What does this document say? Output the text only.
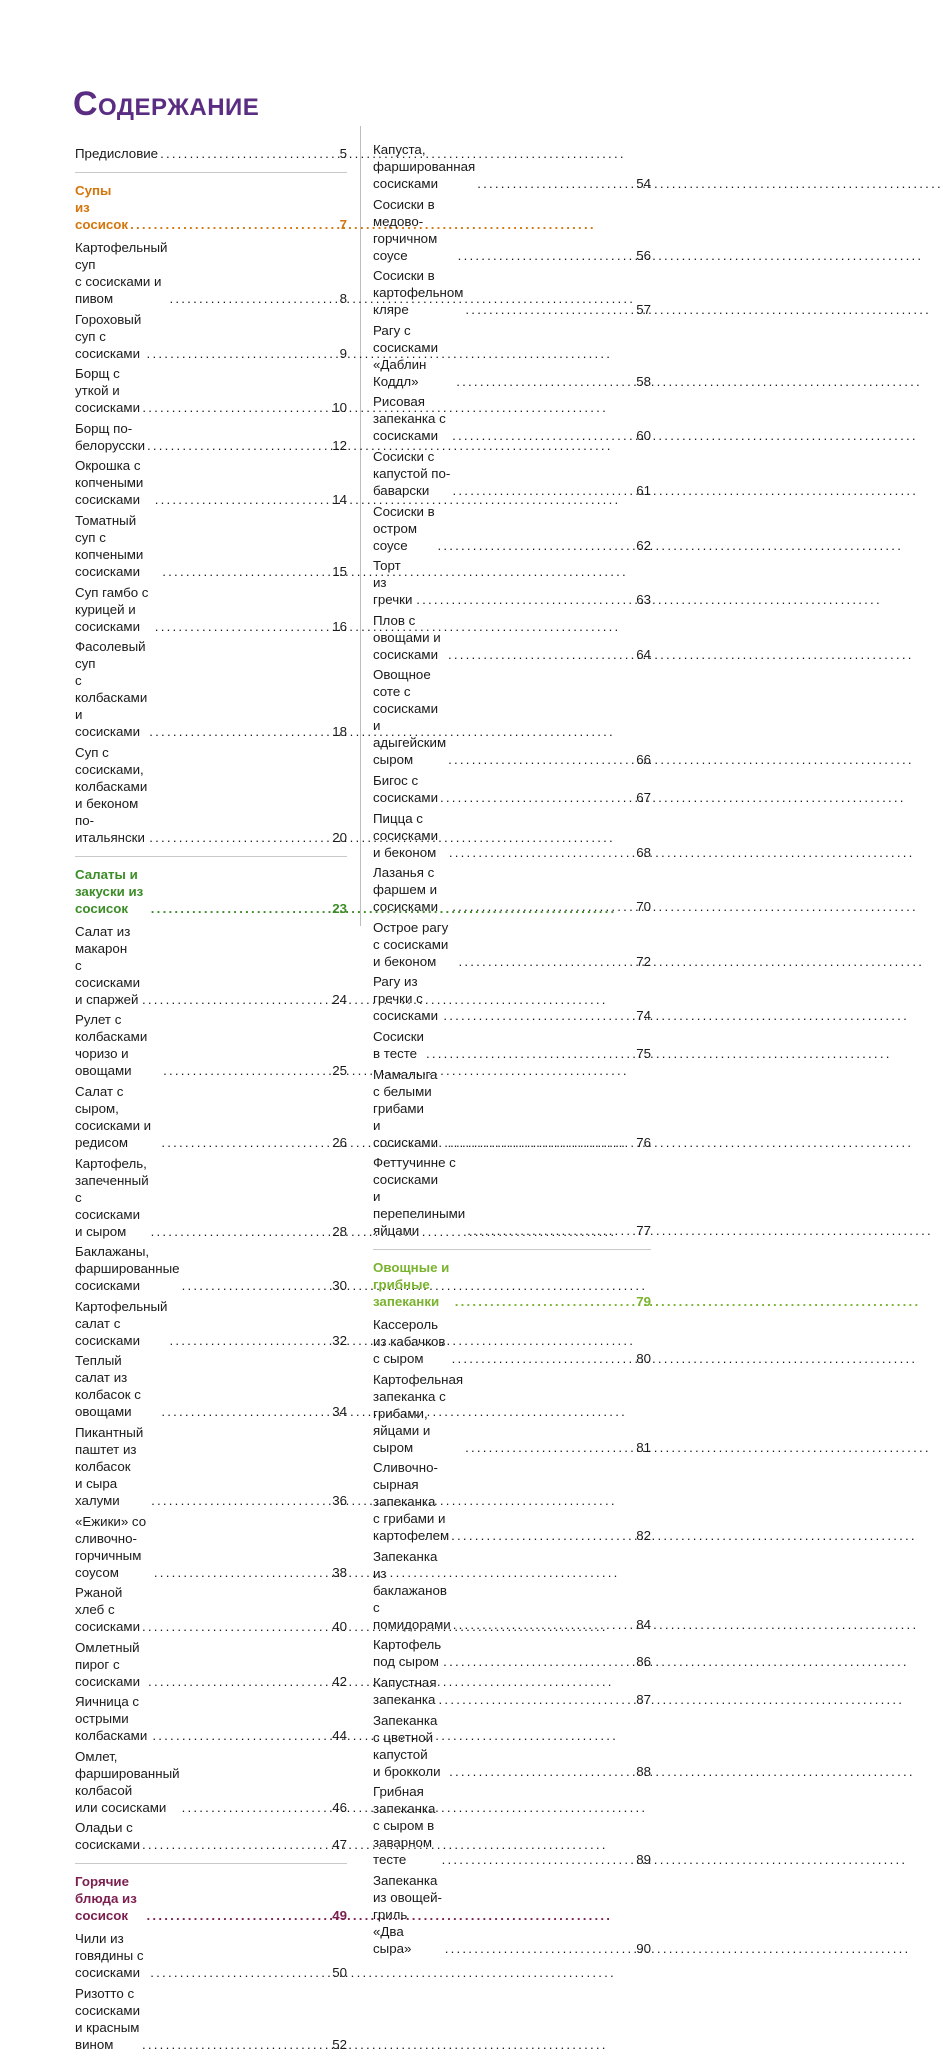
Содержание
Предисловие .....	5
Супы из сосисок .....	7
Картофельный суп
с сосисками и пивом .....	8
Гороховый суп с сосисками .....	9
Борщ с уткой и сосисками .....	10
Борщ по-белорусски .....	12
Окрошка с копчеными сосисками .....	14
Томатный суп с копчеными сосисками .....	15
Суп гамбо с курицей и сосисками .....	16
Фасолевый суп
с колбасками и сосисками .....	18
Суп с сосисками, колбасками
и беконом по-итальянски .....	20
Салаты и закуски из сосисок .....	23
Салат из макарон
с сосисками и спаржей .....	24
Рулет с колбасками чоризо и овощами .....	25
Салат с сыром, сосисками и редисом .....	26
Картофель, запеченный
с сосисками и сыром .....	28
Баклажаны, фаршированные
сосисками .....	30
Картофельный салат с сосисками .....	32
Теплый салат из колбасок с овощами .....	34
Пикантный паштет из колбасок
и сыра халуми .....	36
«Ежики» со сливочно-горчичным
соусом .....	38
Ржаной хлеб с сосисками .....	40
Омлетный пирог с сосисками .....	42
Яичница с острыми колбасками .....	44
Омлет, фаршированный колбасой
или сосисками .....	46
Оладьи с сосисками .....	47
Горячие блюда из сосисок .....	49
Чили из говядины с сосисками .....	50
Ризотто с сосисками
и красным вином .....	52
Капуста, фаршированная сосисками .....	54
Сосиски в медово-горчичном соусе .....	56
Сосиски в картофельном кляре .....	57
Рагу с сосисками «Даблин Коддл» .....	58
Рисовая запеканка с сосисками .....	60
Сосиски с капустой по-баварски .....	61
Сосиски в остром соусе .....	62
Торт из гречки .....	63
Плов с овощами и сосисками .....	64
Овощное соте с сосисками
и адыгейским сыром .....	66
Бигос с сосисками .....	67
Пицца с сосисками и беконом .....	68
Лазанья с фаршем и сосисками .....	70
Острое рагу с сосисками и беконом .....	72
Рагу из гречки с сосисками .....	74
Сосиски в тесте .....	75
Мамалыга с белыми грибами
и сосисками .....	76
Феттучинне с сосисками
и перепелиными яйцами .....	77
Овощные и грибные запеканки .....	79
Кассероль из кабачков с сыром .....	80
Картофельная запеканка с грибами,
яйцами и сыром .....	81
Сливочно-сырная запеканка
с грибами и картофелем .....	82
Запеканка из баклажанов
с помидорами .....	84
Картофель под сыром .....	86
Капустная запеканка .....	87
Запеканка с цветной капустой
и брокколи .....	88
Грибная запеканка
с сыром в заварном тесте .....	89
Запеканка из овощей-гриль
«Два сыра» .....	90
